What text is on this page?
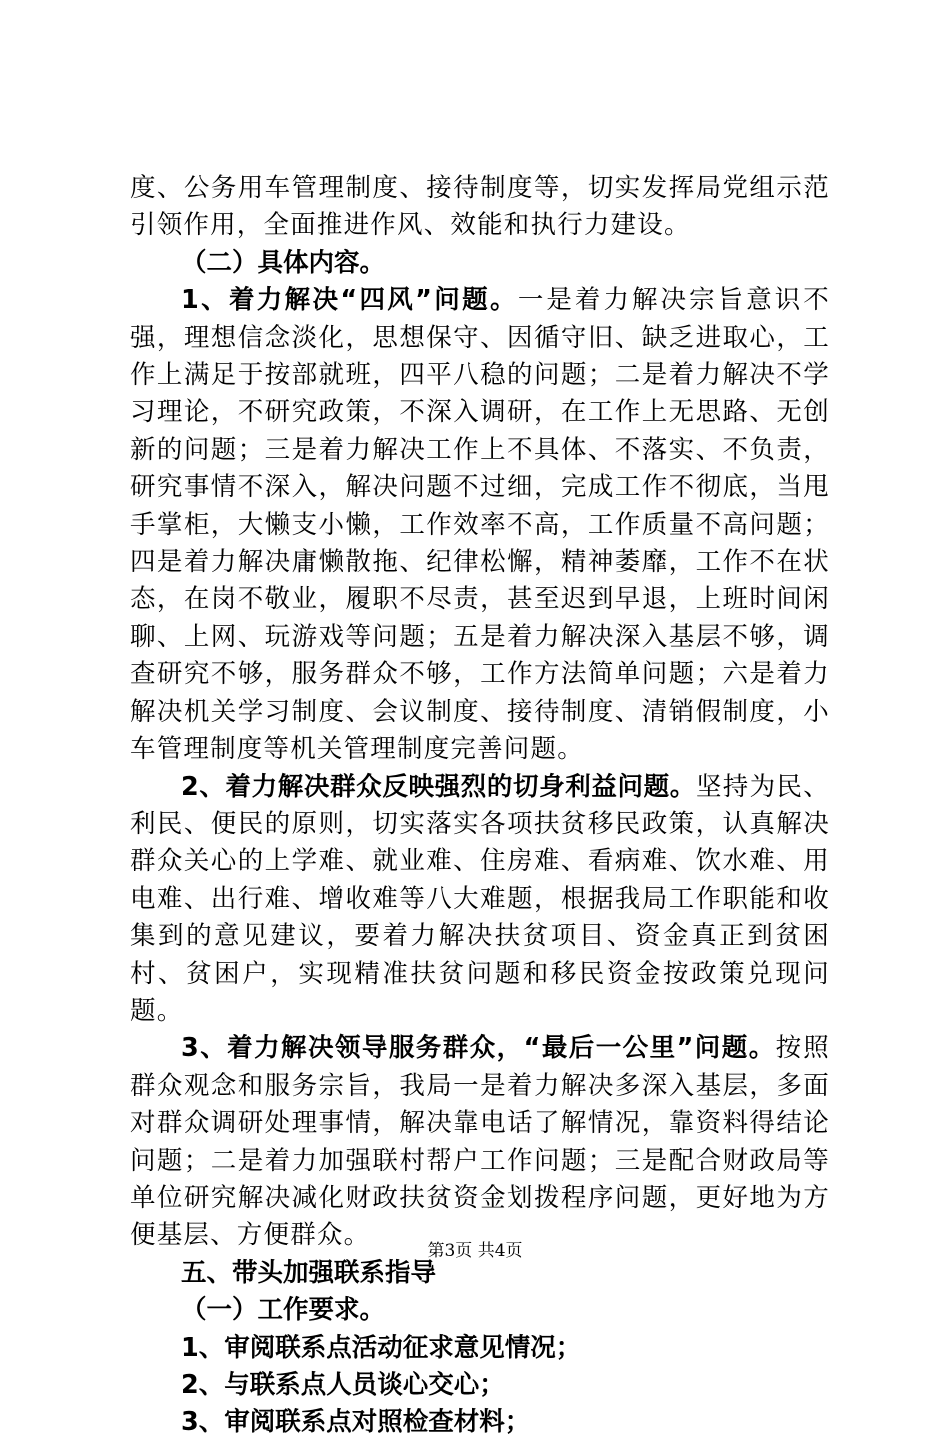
度、公务用车管理制度、接待制度等，切实发挥局党组示范引领作用，全面推进作风、效能和执行力建设。

（二）具体内容。

1、着力解决“四风”问题。一是着力解决宗旨意识不强，理想信念淡化，思想保守、因循守旧、缺乏进取心，工作上满足于按部就班，四平八稳的问题；二是着力解决不学习理论，不研究政策，不深入调研，在工作上无思路、无创新的问题；三是着力解决工作上不具体、不落实、不负责，研究事情不深入，解决问题不过细，完成工作不彻底，当甩手掌柜，大懒支小懒，工作效率不高，工作质量不高问题；四是着力解决庸懒散拖、纪律松懈，精神萎靡，工作不在状态，在岗不敬业，履职不尽责，甚至迟到早退，上班时间闲聊、上网、玩游戏等问题；五是着力解决深入基层不够，调查研究不够，服务群众不够，工作方法简单问题；六是着力解决机关学习制度、会议制度、接待制度、清销假制度，小车管理制度等机关管理制度完善问题。

2、着力解决群众反映强烈的切身利益问题。坚持为民、利民、便民的原则，切实落实各项扶贫移民政策，认真解决群众关心的上学难、就业难、住房难、看病难、饮水难、用电难、出行难、增收难等八大难题，根据我局工作职能和收集到的意见建议，要着力解决扶贫项目、资金真正到贫困村、贫困户，实现精准扶贫问题和移民资金按政策兑现问题。

3、着力解决领导服务群众，“最后一公里”问题。按照群众观念和服务宗旨，我局一是着力解决多深入基层，多面对群众调研处理事情，解决靠电话了解情况，靠资料得结论问题；二是着力加强联村帮户工作问题；三是配合财政局等单位研究解决减化财政扶贫资金划拨程序问题，更好地为方便基层、方便群众。

五、带头加强联系指导

（一）工作要求。

1、审阅联系点活动征求意见情况；

2、与联系点人员谈心交心；

3、审阅联系点对照检查材料；

第3页 共4页
